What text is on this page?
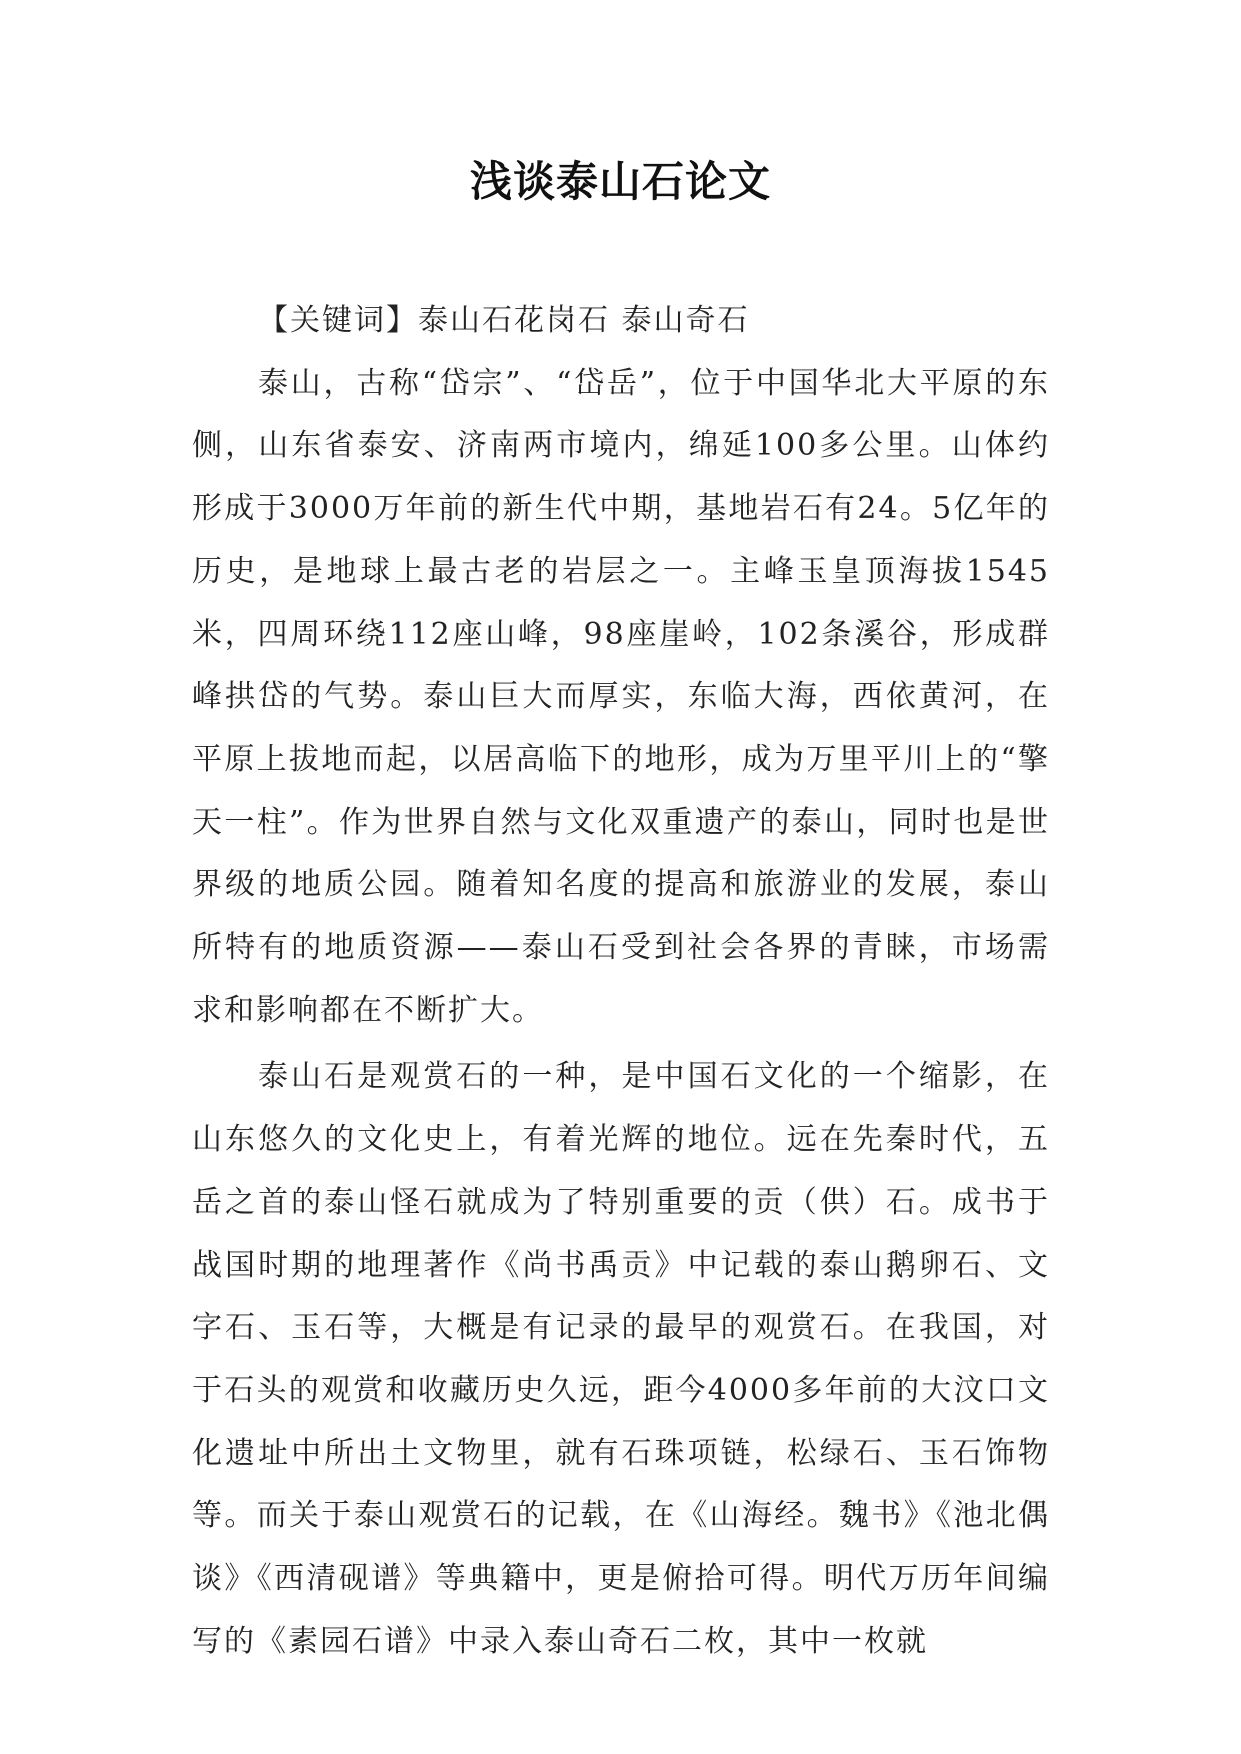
浅谈泰山石论文

【关键词】泰山石花岗石 泰山奇石

泰山，古称“岱宗”、“岱岳”，位于中国华北大平原的东侧，山东省泰安、济南两市境内，绵延100多公里。山体约形成于3000万年前的新生代中期，基地岩石有24。5亿年的历史，是地球上最古老的岩层之一。主峰玉皇顶海拔1545米，四周环绕112座山峰，98座崖岭，102条溪谷，形成群峰拱岱的气势。泰山巨大而厚实，东临大海，西依黄河，在平原上拔地而起，以居高临下的地形，成为万里平川上的“擎天一柱”。作为世界自然与文化双重遗产的泰山，同时也是世界级的地质公园。随着知名度的提高和旅游业的发展，泰山所特有的地质资源——泰山石受到社会各界的青睐，市场需求和影响都在不断扩大。

泰山石是观赏石的一种，是中国石文化的一个缩影，在山东悠久的文化史上，有着光辉的地位。远在先秦时代，五岳之首的泰山怪石就成为了特别重要的贡（供）石。成书于战国时期的地理著作《尚书禹贡》中记载的泰山鹅卵石、文字石、玉石等，大概是有记录的最早的观赏石。在我国，对于石头的观赏和收藏历史久远，距今4000多年前的大汶口文化遗址中所出土文物里，就有石珠项链，松绿石、玉石饰物等。而关于泰山观赏石的记载，在《山海经。魏书》《池北偶谈》《西清砚谱》等典籍中，更是俯拾可得。明代万历年间编写的《素园石谱》中录入泰山奇石二枚，其中一枚就
